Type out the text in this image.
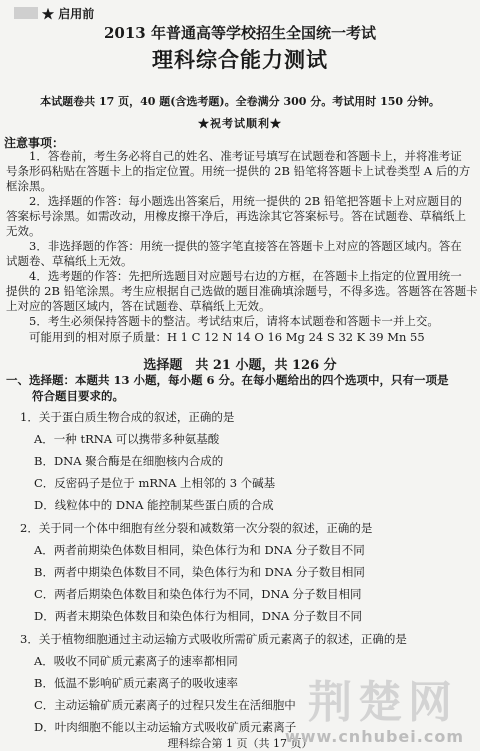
★ 启用前
2013 年普通高等学校招生全国统一考试
理科综合能力测试
本试题卷共 17 页，40 题(含选考题)。全卷满分 300 分。考试用时 150 分钟。
★祝考试顺利★
注意事项：
1．答卷前，考生务必将自己的姓名、准考证号填写在试题卷和答题卡上，并将准考证
号条形码粘贴在答题卡上的指定位置。用统一提供的 2B 铅笔将答题卡上试卷类型 A 后的方
框涂黑。
2．选择题的作答：每小题选出答案后，用统一提供的 2B 铅笔把答题卡上对应题目的
答案标号涂黑。如需改动，用橡皮擦干净后，再选涂其它答案标号。答在试题卷、草稿纸上
无效。
3．非选择题的作答：用统一提供的签字笔直接答在答题卡上对应的答题区域内。答在
试题卷、草稿纸上无效。
4．选考题的作答：先把所选题目对应题号右边的方框，在答题卡上指定的位置用统一
提供的 2B 铅笔涂黑。考生应根据自己选做的题目准确填涂题号，不得多选。答题答在答题卡
上对应的答题区域内，答在试题卷、草稿纸上无效。
5．考生必须保持答题卡的整洁。考试结束后，请将本试题卷和答题卡一并上交。
可能用到的相对原子质量：H 1 C 12 N 14 O 16 Mg 24 S 32 K 39 Mn 55
选择题　共 21 小题，共 126 分
一、选择题：本题共 13 小题，每小题 6 分。在每小题给出的四个选项中，只有一项是
符合题目要求的。
1．关于蛋白质生物合成的叙述，正确的是
A．一种 tRNA 可以携带多种氨基酸
B．DNA 聚合酶是在细胞核内合成的
C．反密码子是位于 mRNA 上相邻的 3 个碱基
D．线粒体中的 DNA 能控制某些蛋白质的合成
2．关于同一个体中细胞有丝分裂和减数第一次分裂的叙述，正确的是
A．两者前期染色体数目相同，染色体行为和 DNA 分子数目不同
B．两者中期染色体数目不同，染色体行为和 DNA 分子数目相同
C．两者后期染色体数目和染色体行为不同，DNA 分子数目相同
D．两者末期染色体数目和染色体行为相同，DNA 分子数目不同
3．关于植物细胞通过主动运输方式吸收所需矿质元素离子的叙述，正确的是
A．吸收不同矿质元素离子的速率都相同
B．低温不影响矿质元素离子的吸收速率
C．主动运输矿质元素离子的过程只发生在活细胞中
D．叶肉细胞不能以主动运输方式吸收矿质元素离子
理科综合第 1 页（共 17 页）
荆楚网
www.cnhubei.com
